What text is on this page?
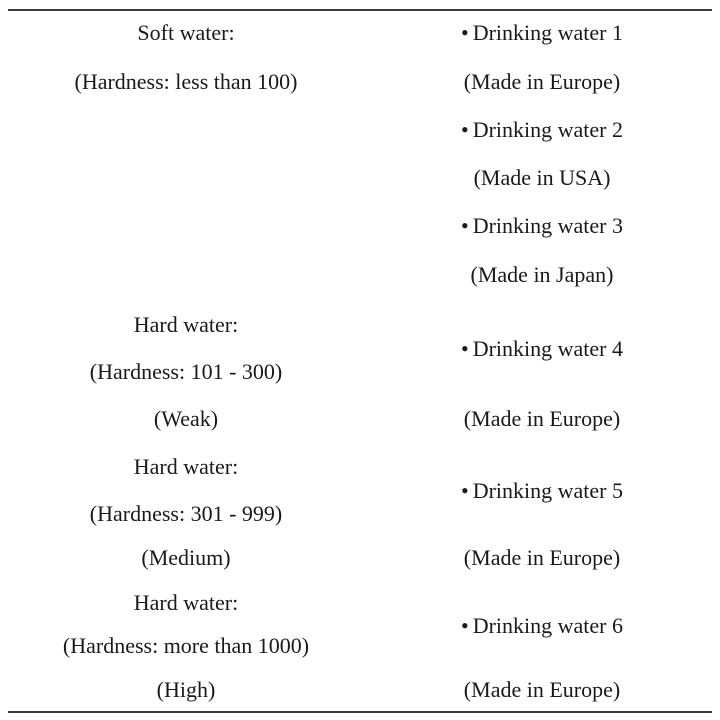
Soft water:
(Hardness: less than 100)
• Drinking water 1
(Made in Europe)
• Drinking water 2
(Made in USA)
• Drinking water 3
(Made in Japan)
Hard water:
(Hardness: 101 - 300)
(Weak)
• Drinking water 4
(Made in Europe)
Hard water:
(Hardness: 301 - 999)
(Medium)
• Drinking water 5
(Made in Europe)
Hard water:
(Hardness: more than 1000)
(High)
• Drinking water 6
(Made in Europe)
